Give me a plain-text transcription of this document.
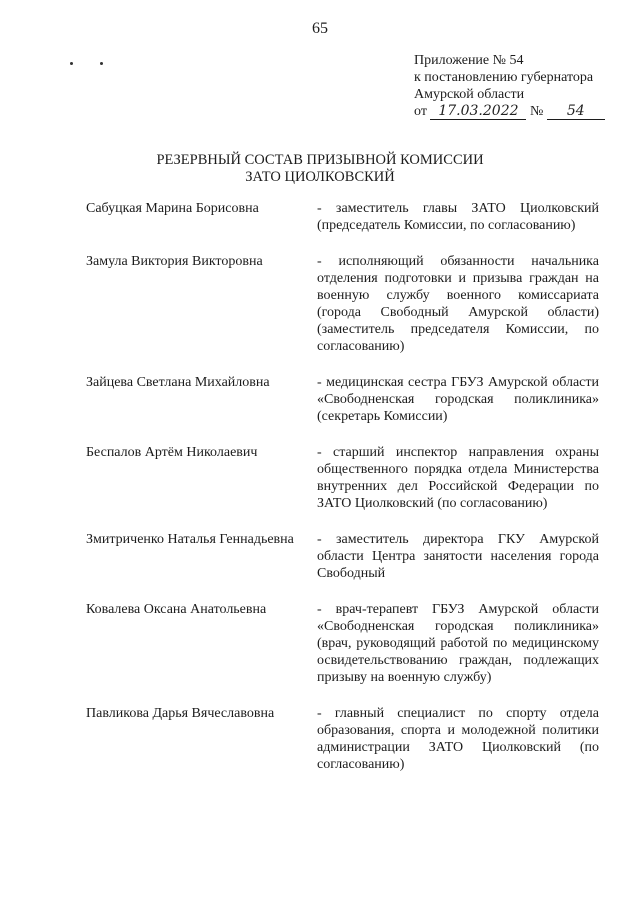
65
Приложение № 54
к постановлению губернатора
Амурской области
от 17.03.2022 № 54
РЕЗЕРВНЫЙ СОСТАВ ПРИЗЫВНОЙ КОМИССИИ
ЗАТО ЦИОЛКОВСКИЙ
Сабуцкая Марина Борисовна	- заместитель главы ЗАТО Циолковский (председатель Комиссии, по согласованию)
Замула Виктория Викторовна	- исполняющий обязанности начальника отделения подготовки и призыва граждан на военную службу военного комиссариата (города Свободный Амурской области) (заместитель председателя Комиссии, по согласованию)
Зайцева Светлана Михайловна	- медицинская сестра ГБУЗ Амурской области «Свободненская городская поликлиника» (секретарь Комиссии)
Беспалов Артём Николаевич	- старший инспектор направления охраны общественного порядка отдела Министерства внутренних дел Российской Федерации по ЗАТО Циолковский (по согласованию)
Змитриченко Наталья Геннадьевна	- заместитель директора ГКУ Амурской области Центра занятости населения города Свободный
Ковалева Оксана Анатольевна	- врач-терапевт ГБУЗ Амурской области «Свободненская городская поликлиника» (врач, руководящий работой по медицинскому освидетельствованию граждан, подлежащих призыву на военную службу)
Павликова Дарья Вячеславовна	- главный специалист по спорту отдела образования, спорта и молодежной политики администрации ЗАТО Циолковский (по согласованию)
